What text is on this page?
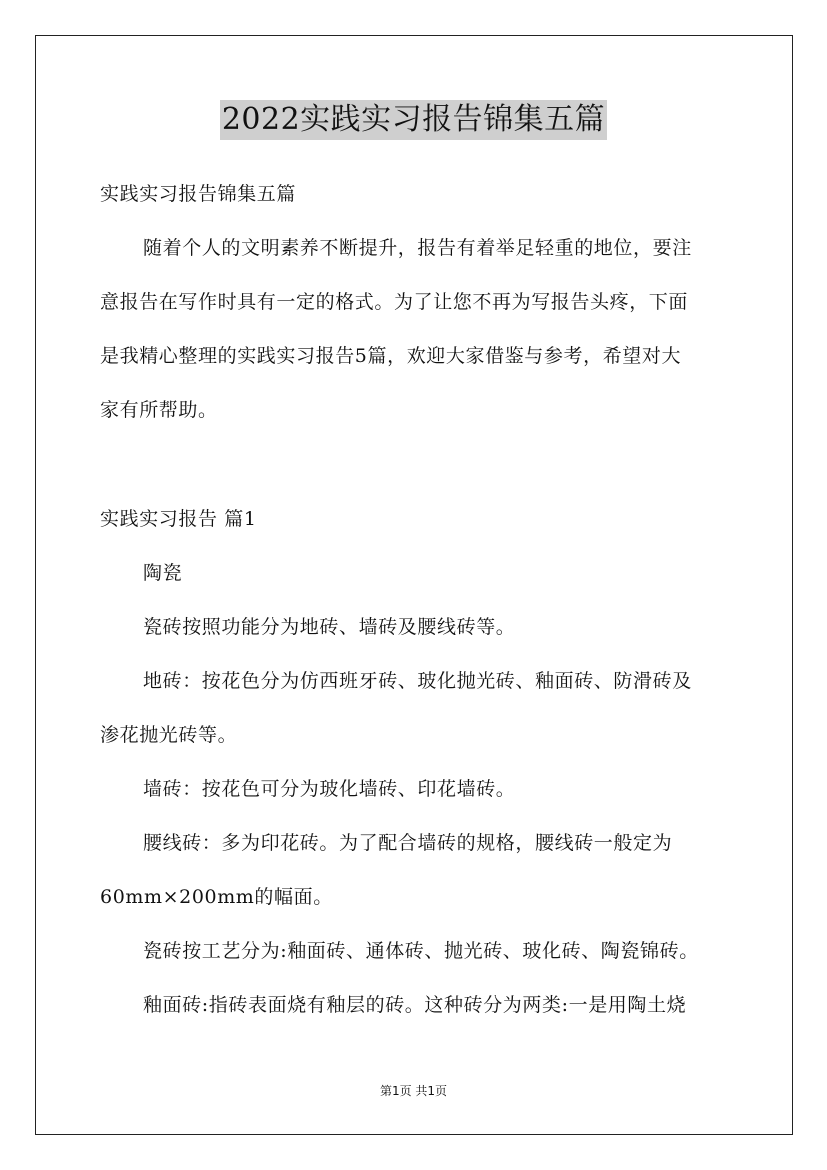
2022实践实习报告锦集五篇
实践实习报告锦集五篇
随着个人的文明素养不断提升，报告有着举足轻重的地位，要注
意报告在写作时具有一定的格式。为了让您不再为写报告头疼，下面
是我精心整理的实践实习报告5篇，欢迎大家借鉴与参考，希望对大
家有所帮助。
实践实习报告 篇1
陶瓷
瓷砖按照功能分为地砖、墙砖及腰线砖等。
地砖：按花色分为仿西班牙砖、玻化抛光砖、釉面砖、防滑砖及
渗花抛光砖等。
墙砖：按花色可分为玻化墙砖、印花墙砖。
腰线砖：多为印花砖。为了配合墙砖的规格，腰线砖一般定为
60mm×200mm的幅面。
瓷砖按工艺分为:釉面砖、通体砖、抛光砖、玻化砖、陶瓷锦砖。
釉面砖:指砖表面烧有釉层的砖。这种砖分为两类:一是用陶土烧
第1页 共1页
